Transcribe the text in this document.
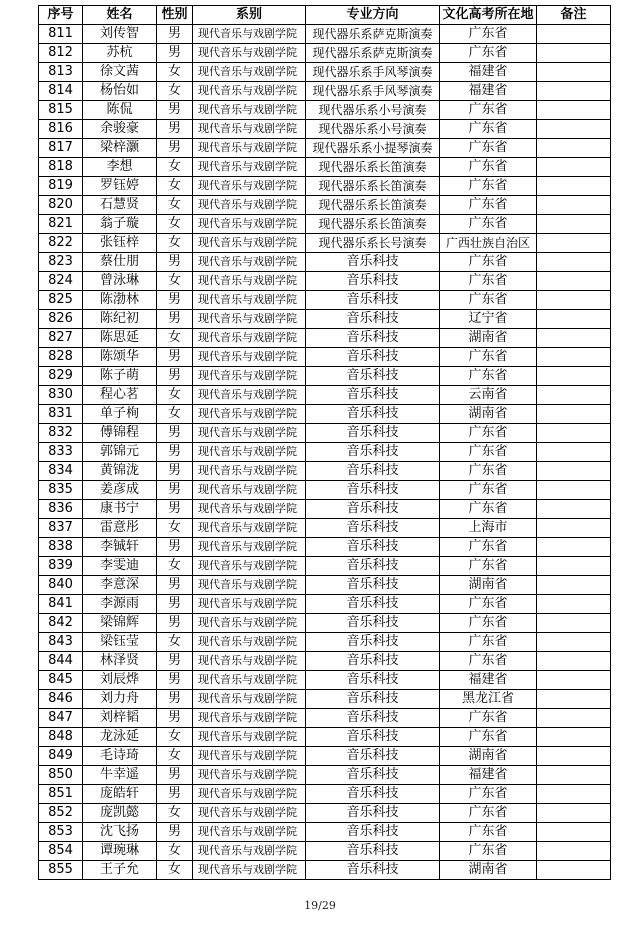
序号	姓名	性别	系别	专业方向	文化高考所在地	备注
811	刘传智	男	现代音乐与戏剧学院	现代器乐系萨克斯演奏	广东省	
812	苏杭	男	现代音乐与戏剧学院	现代器乐系萨克斯演奏	广东省	
813	徐文茜	女	现代音乐与戏剧学院	现代器乐系手风琴演奏	福建省	
814	杨怡如	女	现代音乐与戏剧学院	现代器乐系手风琴演奏	福建省	
815	陈侃	男	现代音乐与戏剧学院	现代器乐系小号演奏	广东省	
816	余骏豪	男	现代音乐与戏剧学院	现代器乐系小号演奏	广东省	
817	梁梓灏	男	现代音乐与戏剧学院	现代器乐系小提琴演奏	广东省	
818	李想	女	现代音乐与戏剧学院	现代器乐系长笛演奏	广东省	
819	罗钰婷	女	现代音乐与戏剧学院	现代器乐系长笛演奏	广东省	
820	石慧贤	女	现代音乐与戏剧学院	现代器乐系长笛演奏	广东省	
821	翁子璇	女	现代音乐与戏剧学院	现代器乐系长笛演奏	广东省	
822	张钰梓	女	现代音乐与戏剧学院	现代器乐系长号演奏	广西壮族自治区	
823	蔡仕朋	男	现代音乐与戏剧学院	音乐科技	广东省	
824	曾泳琳	女	现代音乐与戏剧学院	音乐科技	广东省	
825	陈渤林	男	现代音乐与戏剧学院	音乐科技	广东省	
826	陈纪初	男	现代音乐与戏剧学院	音乐科技	辽宁省	
827	陈思延	女	现代音乐与戏剧学院	音乐科技	湖南省	
828	陈颂华	男	现代音乐与戏剧学院	音乐科技	广东省	
829	陈子萌	男	现代音乐与戏剧学院	音乐科技	广东省	
830	程心茗	女	现代音乐与戏剧学院	音乐科技	云南省	
831	单子栒	女	现代音乐与戏剧学院	音乐科技	湖南省	
832	傅锦程	男	现代音乐与戏剧学院	音乐科技	广东省	
833	郭锦元	男	现代音乐与戏剧学院	音乐科技	广东省	
834	黄锦泷	男	现代音乐与戏剧学院	音乐科技	广东省	
835	姜彦成	男	现代音乐与戏剧学院	音乐科技	广东省	
836	康书宁	男	现代音乐与戏剧学院	音乐科技	广东省	
837	雷意彤	女	现代音乐与戏剧学院	音乐科技	上海市	
838	李铖轩	男	现代音乐与戏剧学院	音乐科技	广东省	
839	李雯迪	女	现代音乐与戏剧学院	音乐科技	广东省	
840	李意深	男	现代音乐与戏剧学院	音乐科技	湖南省	
841	李源雨	男	现代音乐与戏剧学院	音乐科技	广东省	
842	梁锦辉	男	现代音乐与戏剧学院	音乐科技	广东省	
843	梁钰莹	女	现代音乐与戏剧学院	音乐科技	广东省	
844	林泽贤	男	现代音乐与戏剧学院	音乐科技	广东省	
845	刘辰烨	男	现代音乐与戏剧学院	音乐科技	福建省	
846	刘力舟	男	现代音乐与戏剧学院	音乐科技	黑龙江省	
847	刘梓韬	男	现代音乐与戏剧学院	音乐科技	广东省	
848	龙泳延	女	现代音乐与戏剧学院	音乐科技	广东省	
849	毛诗琦	女	现代音乐与戏剧学院	音乐科技	湖南省	
850	牛幸遥	男	现代音乐与戏剧学院	音乐科技	福建省	
851	庞皓轩	男	现代音乐与戏剧学院	音乐科技	广东省	
852	庞凯懿	女	现代音乐与戏剧学院	音乐科技	广东省	
853	沈飞扬	男	现代音乐与戏剧学院	音乐科技	广东省	
854	谭琬琳	女	现代音乐与戏剧学院	音乐科技	广东省	
855	王子允	女	现代音乐与戏剧学院	音乐科技	湖南省	
19/29
